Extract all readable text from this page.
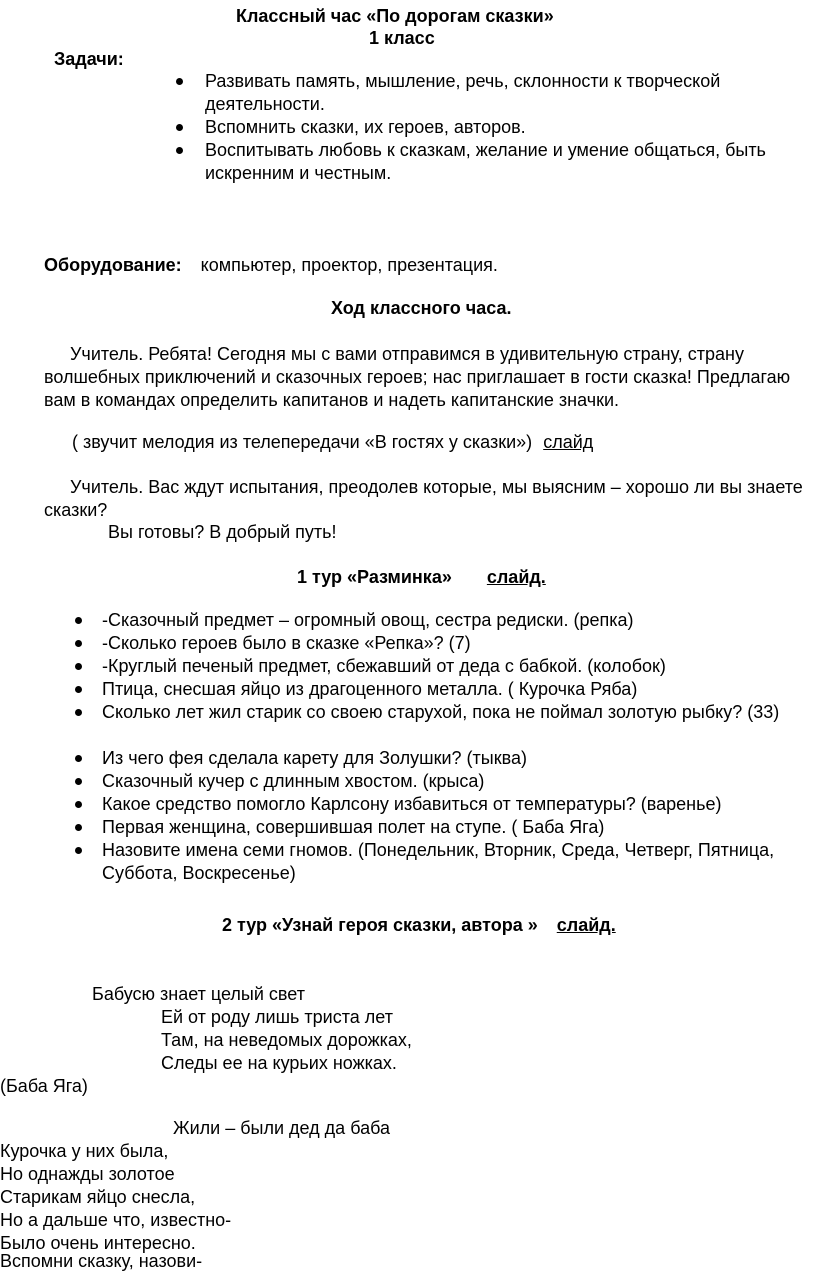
Классный час «По дорогам сказки»
1 класс
Задачи:
Развивать память, мышление, речь, склонности к творческой деятельности.
Вспомнить сказки, их героев, авторов.
Воспитывать любовь к сказкам, желание и умение общаться, быть искренним и честным.
Оборудование: компьютер, проектор, презентация.
Ход классного часа.
Учитель. Ребята! Сегодня мы с вами отправимся в удивительную страну, страну волшебных приключений и сказочных героев; нас приглашает в гости сказка! Предлагаю вам в командах определить капитанов и надеть капитанские значки.
( звучит мелодия из телепередачи «В гостях у сказки») слайд
Учитель. Вас ждут испытания, преодолев которые, мы выясним – хорошо ли вы знаете сказки?
Вы готовы? В добрый путь!
1 тур «Разминка» слайд.
-Сказочный предмет – огромный овощ, сестра редиски. (репка)
-Сколько героев было в сказке «Репка»? (7)
-Круглый печеный предмет, сбежавший от деда с бабкой. (колобок)
Птица, снесшая яйцо из драгоценного металла. ( Курочка Ряба)
Сколько лет жил старик со своею старухой, пока не поймал золотую рыбку? (33)
Из чего фея сделала карету для Золушки? (тыква)
Сказочный кучер с длинным хвостом. (крыса)
Какое средство помогло Карлсону избавиться от температуры? (варенье)
Первая женщина, совершившая полет на ступе. ( Баба Яга)
Назовите имена семи гномов. (Понедельник, Вторник, Среда, Четверг, Пятница, Суббота, Воскресенье)
2 тур «Узнай героя сказки, автора » слайд.
Бабусю знает целый свет
Ей от роду лишь триста лет
Там, на неведомых дорожках,
Следы ее на курьих ножках.
(Баба Яга)
Жили – были дед да баба
Курочка у них была,
Но однажды золотое
Старикам яйцо снесла,
Но а дальше что, известно-
Было очень интересно.
Вспомни сказку, назови-
